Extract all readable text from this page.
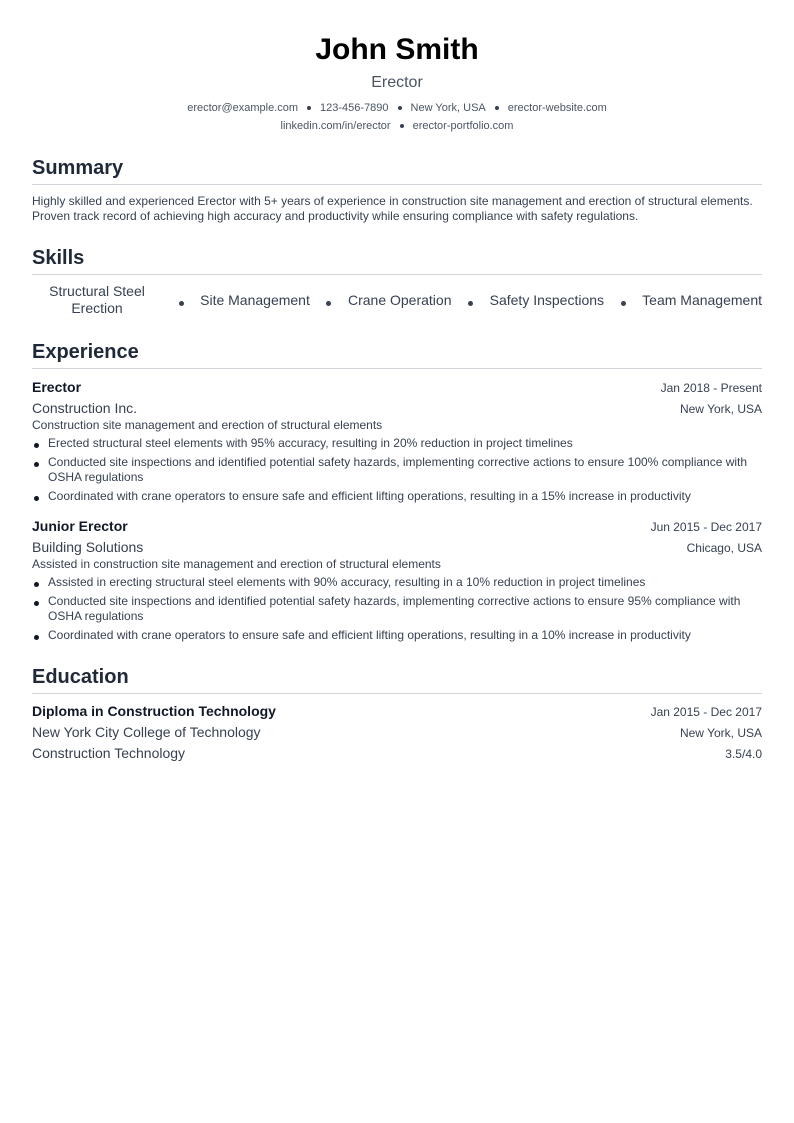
John Smith
Erector
erector@example.com 123-456-7890 New York, USA erector-website.com
linkedin.com/in/erector erector-portfolio.com
Summary
Highly skilled and experienced Erector with 5+ years of experience in construction site management and erection of structural elements. Proven track record of achieving high accuracy and productivity while ensuring compliance with safety regulations.
Skills
Structural Steel Erection
Site Management	Crane Operation	Safety Inspections	Team Management
Experience
Erector	Jan 2018 - Present
Construction Inc.	New York, USA
Construction site management and erection of structural elements
Erected structural steel elements with 95% accuracy, resulting in 20% reduction in project timelines
Conducted site inspections and identified potential safety hazards, implementing corrective actions to ensure 100% compliance with OSHA regulations
Coordinated with crane operators to ensure safe and efficient lifting operations, resulting in a 15% increase in productivity
Junior Erector	Jun 2015 - Dec 2017
Building Solutions	Chicago, USA
Assisted in construction site management and erection of structural elements
Assisted in erecting structural steel elements with 90% accuracy, resulting in a 10% reduction in project timelines
Conducted site inspections and identified potential safety hazards, implementing corrective actions to ensure 95% compliance with OSHA regulations
Coordinated with crane operators to ensure safe and efficient lifting operations, resulting in a 10% increase in productivity
Education
Diploma in Construction Technology	Jan 2015 - Dec 2017
New York City College of Technology	New York, USA
Construction Technology	3.5/4.0
